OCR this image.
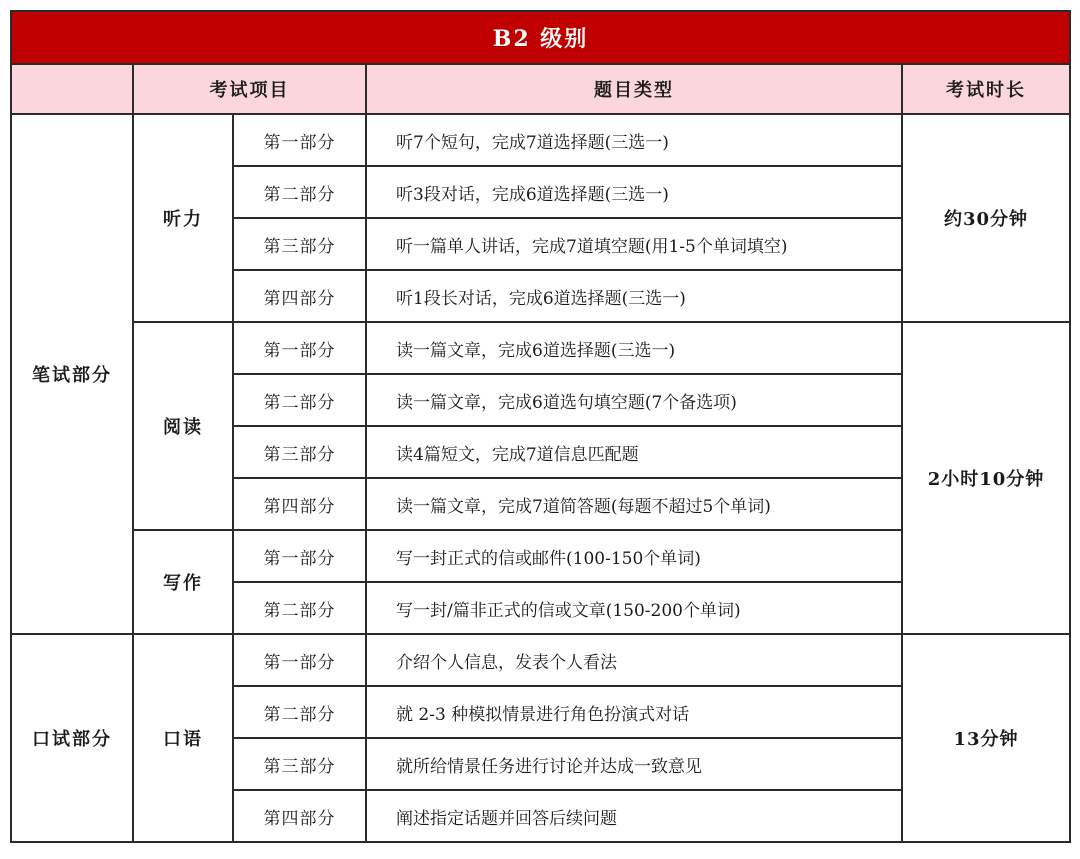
B2 级别				
	考试项目		题目类型	考试时长
笔试部分	听力	第一部分	听7个短句，完成7道选择题(三选一)	约30分钟
		第二部分	听3段对话，完成6道选择题(三选一)	
		第三部分	听一篇单人讲话，完成7道填空题(用1-5个单词填空)	
		第四部分	听1段长对话，完成6道选择题(三选一)	
	阅读	第一部分	读一篇文章，完成6道选择题(三选一)	2小时10分钟
		第二部分	读一篇文章，完成6道选句填空题(7个备选项)	
		第三部分	读4篇短文，完成7道信息匹配题	
		第四部分	读一篇文章，完成7道简答题(每题不超过5个单词)	
	写作	第一部分	写一封正式的信或邮件(100-150个单词)	
		第二部分	写一封/篇非正式的信或文章(150-200个单词)	
口试部分	口语	第一部分	介绍个人信息，发表个人看法	13分钟
		第二部分	就 2-3 种模拟情景进行角色扮演式对话	
		第三部分	就所给情景任务进行讨论并达成一致意见	
		第四部分	阐述指定话题并回答后续问题	
